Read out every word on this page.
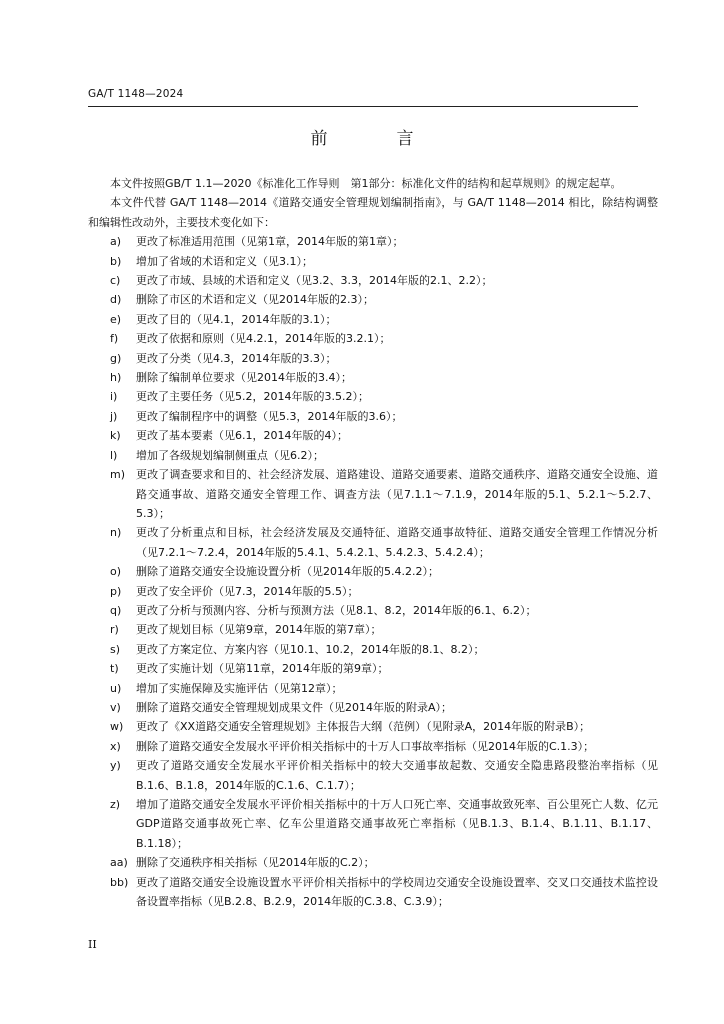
GA/T 1148—2024
前　言

本文件按照GB/T 1.1—2020《标准化工作导则　第1部分：标准化文件的结构和起草规则》的规定起草。

本文件代替 GA/T 1148—2014《道路交通安全管理规划编制指南》，与 GA/T 1148—2014 相比，除结构调整和编辑性改动外，主要技术变化如下：

a)	更改了标准适用范围（见第1章，2014年版的第1章）；
b)	增加了省域的术语和定义（见3.1）；
c)	更改了市域、县域的术语和定义（见3.2、3.3，2014年版的2.1、2.2）；
d)	删除了市区的术语和定义（见2014年版的2.3）；
e)	更改了目的（见4.1，2014年版的3.1）；
f)	更改了依据和原则（见4.2.1，2014年版的3.2.1）；
g)	更改了分类（见4.3，2014年版的3.3）；
h)	删除了编制单位要求（见2014年版的3.4）；
i)	更改了主要任务（见5.2，2014年版的3.5.2）；
j)	更改了编制程序中的调整（见5.3，2014年版的3.6）；
k)	更改了基本要素（见6.1，2014年版的4）；
l)	增加了各级规划编制侧重点（见6.2）；
m) 更改了调查要求和目的、社会经济发展、道路建设、道路交通要素、道路交通秩序、道路交通安全设施、道路交通事故、道路交通安全管理工作、调查方法（见7.1.1～7.1.9，2014年版的5.1、5.2.1～5.2.7、5.3）；
n)	更改了分析重点和目标，社会经济发展及交通特征、道路交通事故特征、道路交通安全管理工作情况分析（见7.2.1～7.2.4，2014年版的5.4.1、5.4.2.1、5.4.2.3、5.4.2.4）；
o)	删除了道路交通安全设施设置分析（见2014年版的5.4.2.2）；
p)	更改了安全评价（见7.3，2014年版的5.5）；
q)	更改了分析与预测内容、分析与预测方法（见8.1、8.2，2014年版的6.1、6.2）；
r)	更改了规划目标（见第9章，2014年版的第7章）；
s)	更改了方案定位、方案内容（见10.1、10.2，2014年版的8.1、8.2）；
t)	更改了实施计划（见第11章，2014年版的第9章）；
u)	增加了实施保障及实施评估（见第12章）；
v)	删除了道路交通安全管理规划成果文件（见2014年版的附录A）；
w)	更改了《XX道路交通安全管理规划》主体报告大纲（范例）（见附录A，2014年版的附录B）；
x)	删除了道路交通安全发展水平评价相关指标中的十万人口事故率指标（见2014年版的C.1.3）；
y)	更改了道路交通安全发展水平评价相关指标中的较大交通事故起数、交通安全隐患路段整治率指标（见B.1.6、B.1.8，2014年版的C.1.6、C.1.7）；
z)	增加了道路交通安全发展水平评价相关指标中的十万人口死亡率、交通事故致死率、百公里死亡人数、亿元GDP道路交通事故死亡率、亿车公里道路交通事故死亡率指标（见B.1.3、B.1.4、B.1.11、B.1.17、B.1.18）；
aa) 删除了交通秩序相关指标（见2014年版的C.2）；
bb) 更改了道路交通安全设施设置水平评价相关指标中的学校周边交通安全设施设置率、交叉口交通技术监控设备设置率指标（见B.2.8、B.2.9，2014年版的C.3.8、C.3.9）；
II
